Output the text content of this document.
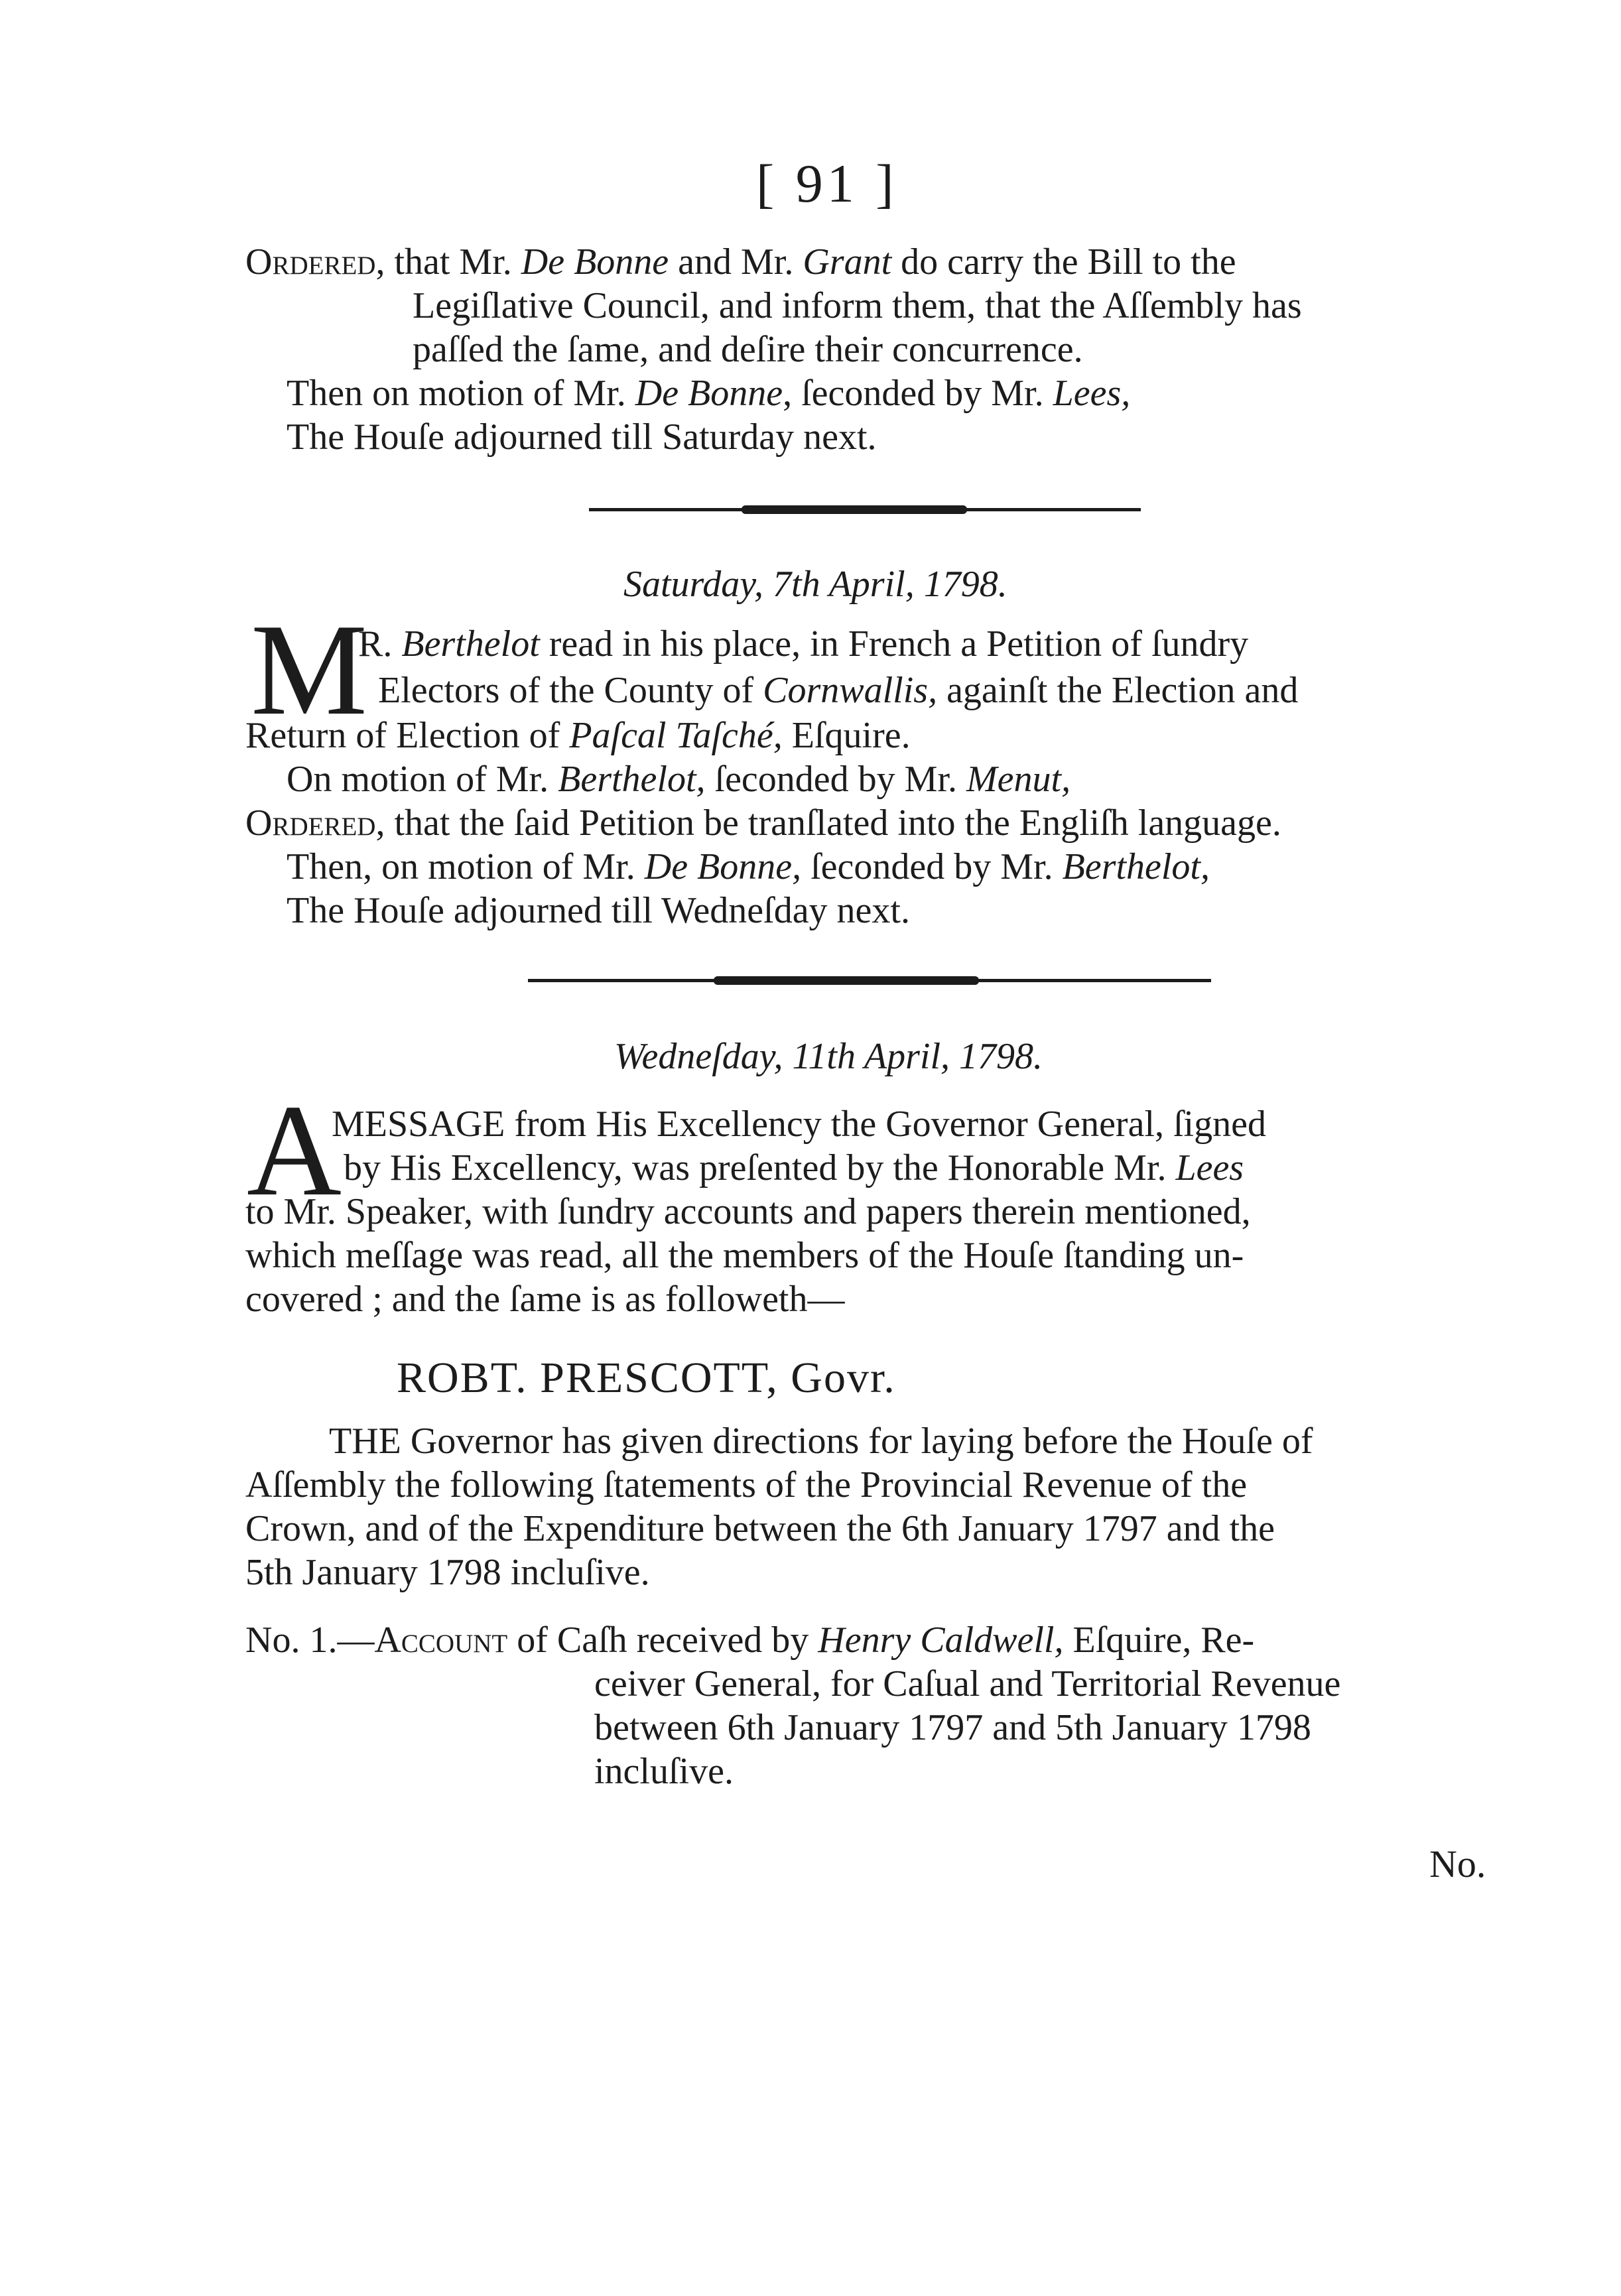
[ 91 ]
Ordered, that Mr. De Bonne and Mr. Grant do carry the Bill to the
Legiſlative Council, and inform them, that the Aſſembly has
paſſed the ſame, and deſire their concurrence.
Then on motion of Mr. De Bonne, ſeconded by Mr. Lees,
The Houſe adjourned till Saturday next.
Saturday, 7th April, 1798.
M
R. Berthelot read in his place, in French a Petition of ſundry
Electors of the County of Cornwallis, againſt the Election and
Return of Election of Paſcal Taſché, Eſquire.
On motion of Mr. Berthelot, ſeconded by Mr. Menut,
Ordered, that the ſaid Petition be tranſlated into the Engliſh language.
Then, on motion of Mr. De Bonne, ſeconded by Mr. Berthelot,
The Houſe adjourned till Wedneſday next.
Wedneſday, 11th April, 1798.
A
MESSAGE from His Excellency the Governor General, ſigned
by His Excellency, was preſented by the Honorable Mr. Lees
to Mr. Speaker, with ſundry accounts and papers therein mentioned,
which meſſage was read, all the members of the Houſe ſtanding un-
covered ; and the ſame is as followeth—
ROBT. PRESCOTT, Govr.
THE Governor has given directions for laying before the Houſe of
Aſſembly the following ſtatements of the Provincial Revenue of the
Crown, and of the Expenditure between the 6th January 1797 and the
5th January 1798 incluſive.
No. 1.—Account of Caſh received by Henry Caldwell, Eſquire, Re-
ceiver General, for Caſual and Territorial Revenue
between 6th January 1797 and 5th January 1798
incluſive.
No.
